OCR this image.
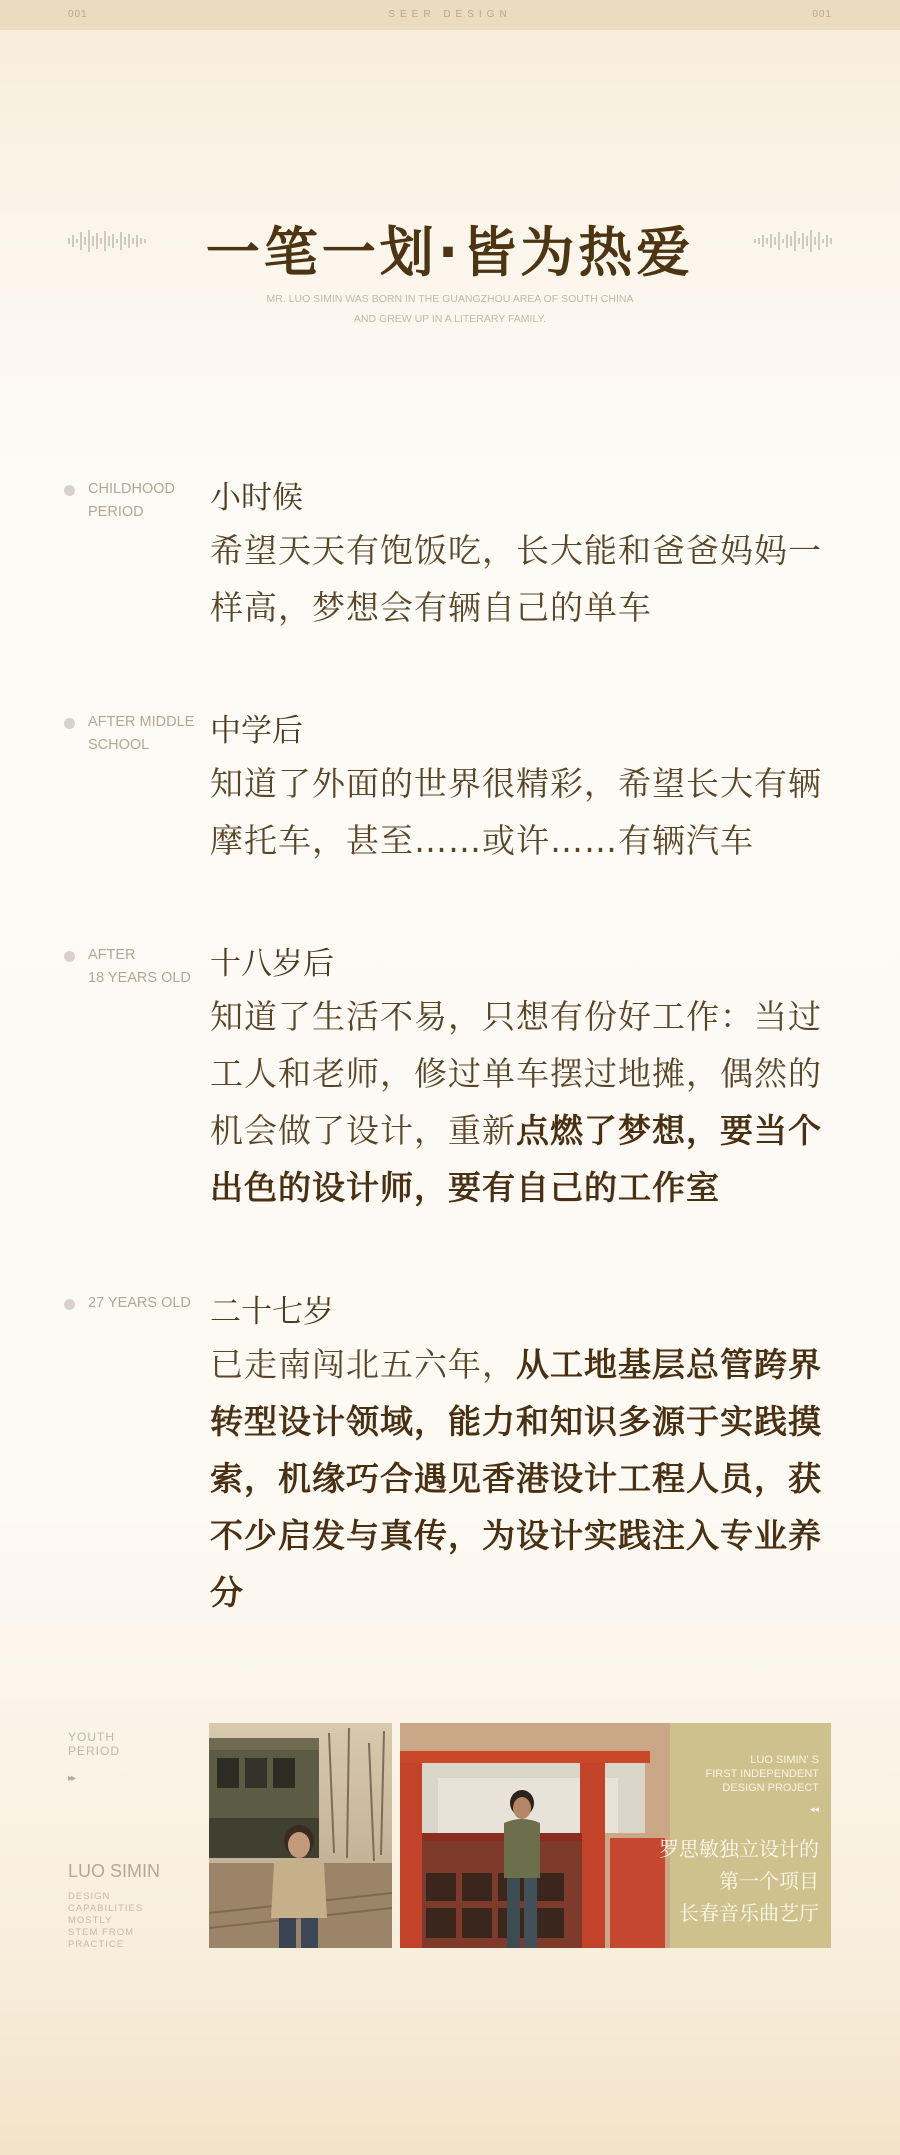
001	SEER DESIGN	001
一笔一划·皆为热爱
MR. LUO SIMIN WAS BORN IN THE GUANGZHOU AREA OF SOUTH CHINA
AND GREW UP IN A LITERARY FAMILY.
CHILDHOOD
PERIOD	小时候
希望天天有饱饭吃，长大能和爸爸妈妈一样高，梦想会有辆自己的单车
AFTER MIDDLE
SCHOOL	中学后
知道了外面的世界很精彩，希望长大有辆摩托车，甚至……或许……有辆汽车
AFTER
18 YEARS OLD 十八岁后
知道了生活不易，只想有份好工作：当过工人和老师，修过单车摆过地摊，偶然的机会做了设计，重新点燃了梦想，要当个出色的设计师，要有自己的工作室
27 YEARS OLD 二十七岁
已走南闯北五六年，从工地基层总管跨界转型设计领域，能力和知识多源于实践摸索，机缘巧合遇见香港设计工程人员，获不少启发与真传，为设计实践注入专业养分
YOUTH
PERIOD
▸▸
LUO SIMIN
DESIGN
CAPABILITIES
MOSTLY
STEM FROM
PRACTICE
LUO SIMIN' S
FIRST INDEPENDENT
DESIGN PROJECT
◂◂
罗思敏独立设计的
第一个项目
长春音乐曲艺厅
